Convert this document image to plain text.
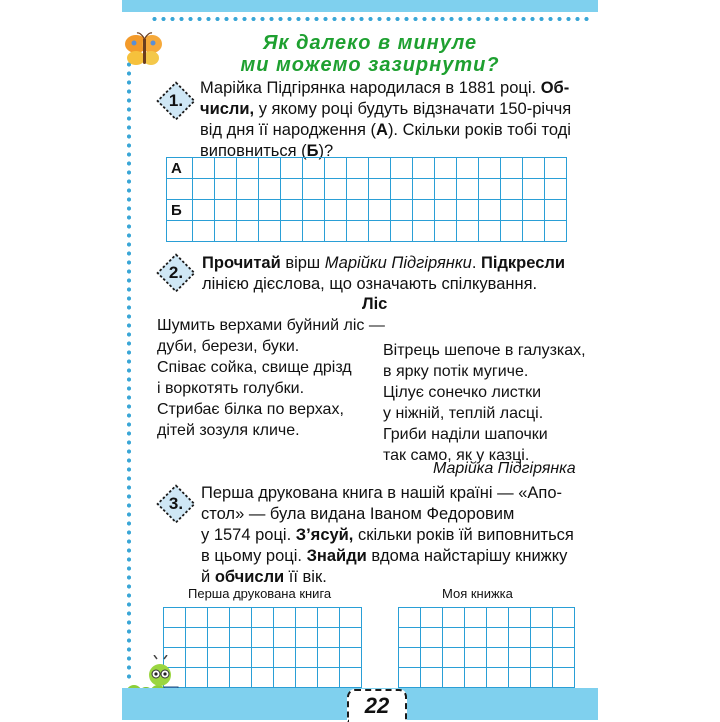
Як далеко в минуле
ми можемо зазирнути?
1.
Марійка Підгірянка народилася в 1881 році. Об-
числи, у якому році будуть відзначати 150-річчя
від дня її народження (А). Скільки років тобі тоді
виповниться (Б)?
А																	

Б																	

2.	Прочитай вірш Марійки Підгірянки. Підкресли
лінією дієслова, що означають спілкування.
Ліс
Шумить верхами буйний ліс —
дуби, берези, буки.
Співає сойка, свище дрізд
і воркотять голубки.
Стрибає білка по верхах,
дітей зозуля кличе.
Вітрець шепоче в галузках,
в ярку потік мугиче.
Цілує сонечко листки
у ніжній, теплій ласці.
Гриби наділи шапочки
так само, як у казці.
Марійка Підгірянка
3.
Перша друкована книга в нашій країні — «Апо-
стол» — була видана Іваном Федоровим
у 1574 році. З’ясуй, скільки років їй виповниться
в цьому році. Знайди вдома найстарішу книжку
й обчисли її вік.
Перша друкована книга	Моя книжка

22
